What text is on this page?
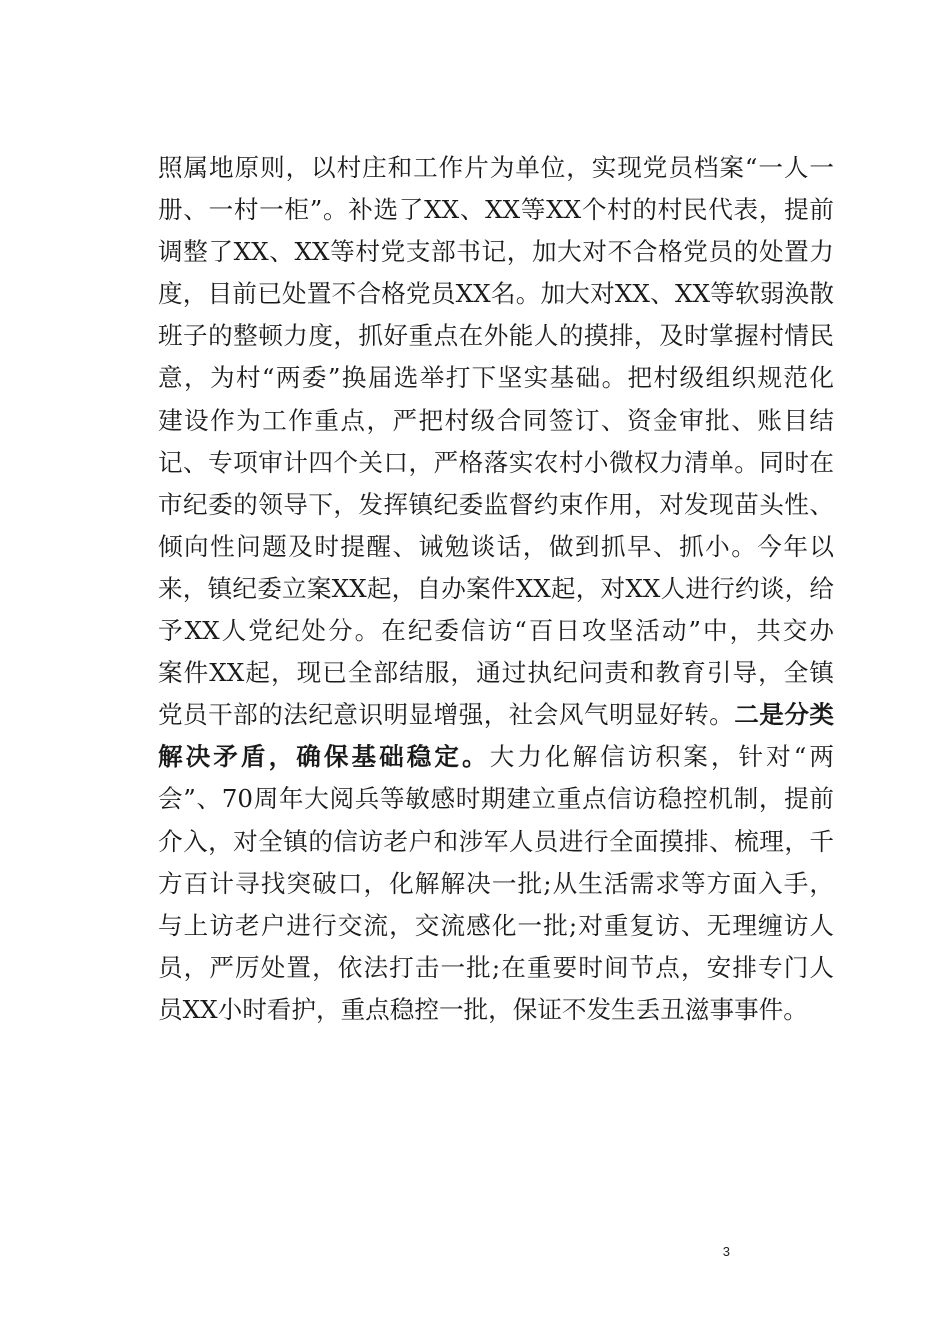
照属地原则，以村庄和工作片为单位，实现党员档案“一人一
册、一村一柜”。补选了XX、XX等XX个村的村民代表，提前
调整了XX、XX等村党支部书记，加大对不合格党员的处置力
度，目前已处置不合格党员XX名。加大对XX、XX等软弱涣散
班子的整顿力度，抓好重点在外能人的摸排，及时掌握村情民
意，为村“两委”换届选举打下坚实基础。把村级组织规范化
建设作为工作重点，严把村级合同签订、资金审批、账目结
记、专项审计四个关口，严格落实农村小微权力清单。同时在
市纪委的领导下，发挥镇纪委监督约束作用，对发现苗头性、
倾向性问题及时提醒、诫勉谈话，做到抓早、抓小。今年以
来，镇纪委立案XX起，自办案件XX起，对XX人进行约谈，给
予XX人党纪处分。在纪委信访“百日攻坚活动”中，共交办
案件XX起，现已全部结服，通过执纪问责和教育引导，全镇
党员干部的法纪意识明显增强，社会风气明显好转。二是分类
解决矛盾，确保基础稳定。大力化解信访积案，针对“两
会”、70周年大阅兵等敏感时期建立重点信访稳控机制，提前
介入，对全镇的信访老户和涉军人员进行全面摸排、梳理，千
方百计寻找突破口，化解解决一批;从生活需求等方面入手，
与上访老户进行交流，交流感化一批;对重复访、无理缠访人
员，严厉处置，依法打击一批;在重要时间节点，安排专门人
员XX小时看护，重点稳控一批，保证不发生丢丑滋事事件。
3
